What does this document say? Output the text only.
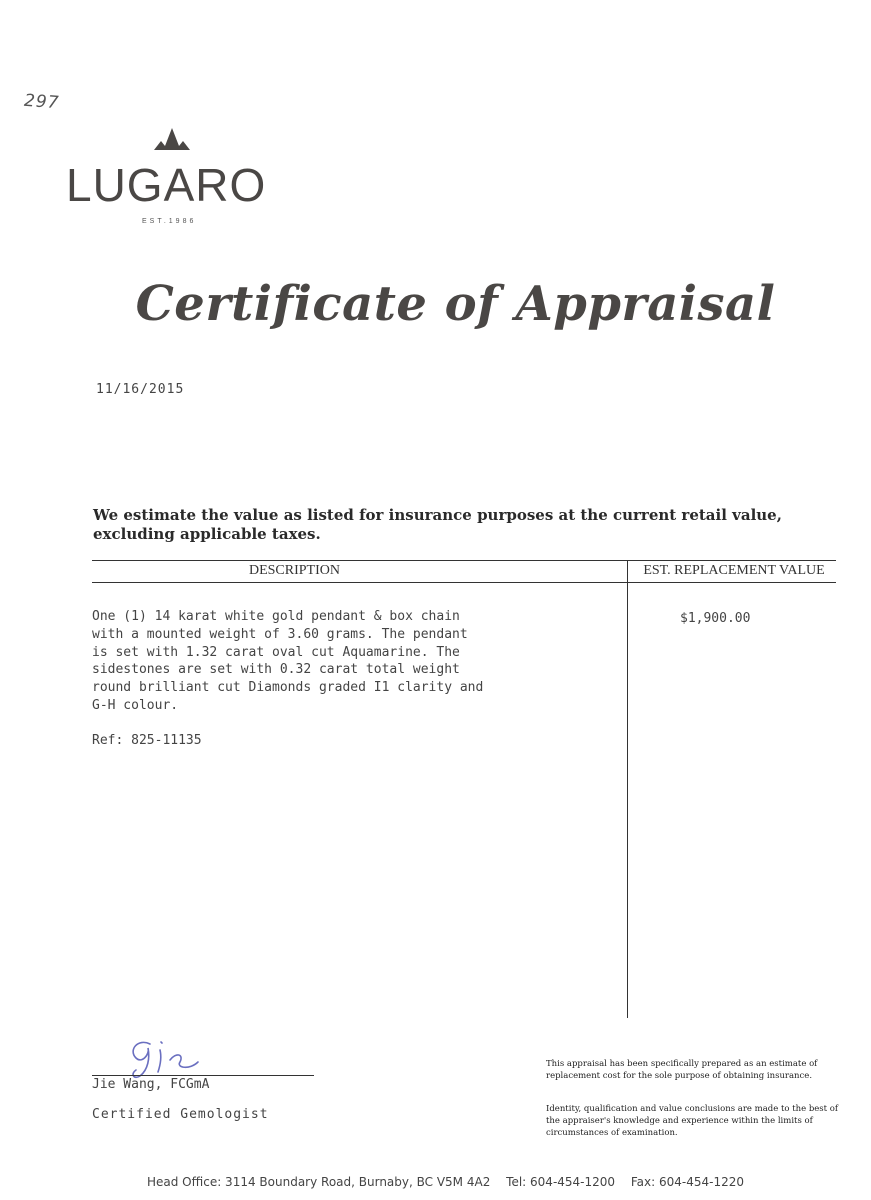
297
LUGARO
EST.1986
Certificate of Appraisal
11/16/2015
We estimate the value as listed for insurance purposes at the current retail value, excluding applicable taxes.
DESCRIPTION	EST. REPLACEMENT VALUE
One (1) 14 karat white gold pendant & box chain
with a mounted weight of 3.60 grams. The pendant
is set with 1.32 carat oval cut Aquamarine. The
sidestones are set with 0.32 carat total weight
round brilliant cut Diamonds graded I1 clarity and
G-H colour.
Ref: 825-11135
$1,900.00
Jie Wang, FCGmA
Certified Gemologist
This appraisal has been specifically prepared as an estimate of replacement cost for the sole purpose of obtaining insurance.
Identity, qualification and value conclusions are made to the best of the appraiser's knowledge and experience within the limits of circumstances of examination.
Head Office: 3114 Boundary Road, Burnaby, BC V5M 4A2 Tel: 604-454-1200 Fax: 604-454-1220
